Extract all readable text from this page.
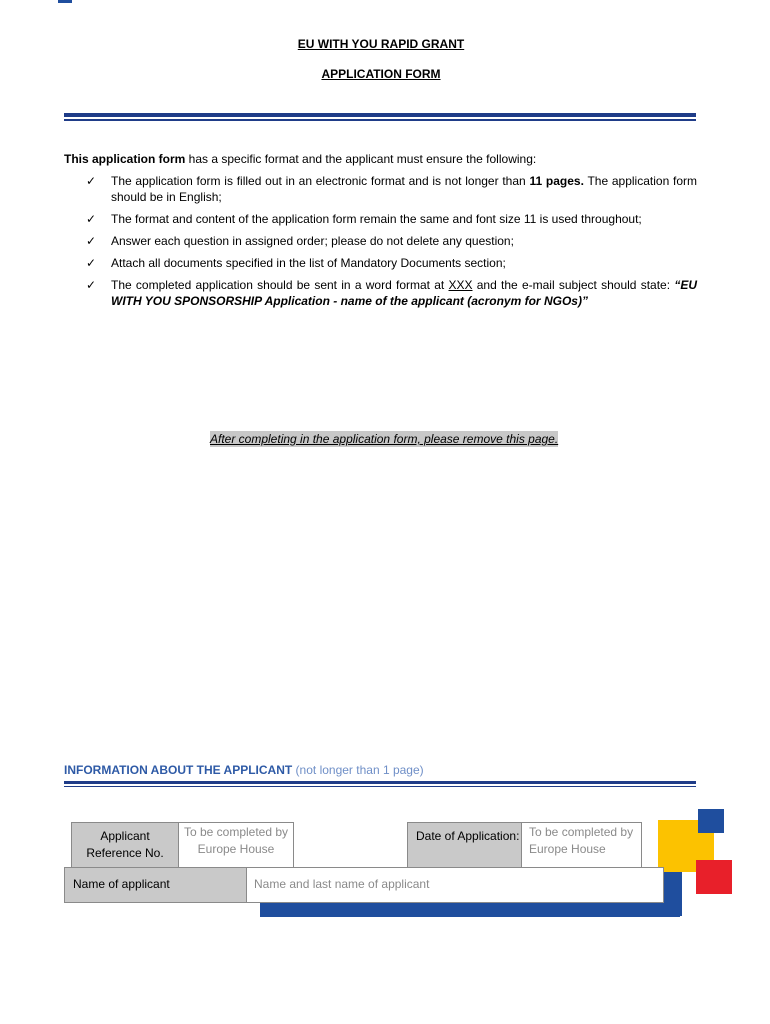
EU WITH YOU RAPID GRANT
APPLICATION FORM
This application form has a specific format and the applicant must ensure the following:
✓ The application form is filled out in an electronic format and is not longer than 11 pages. The application form should be in English;
✓ The format and content of the application form remain the same and font size 11 is used throughout;
✓ Answer each question in assigned order; please do not delete any question;
✓ Attach all documents specified in the list of Mandatory Documents section;
✓ The completed application should be sent in a word format at XXX and the e-mail subject should state: “EU WITH YOU SPONSORSHIP Application - name of the applicant (acronym for NGOs)”
After completing in the application form, please remove this page.
INFORMATION ABOUT THE APPLICANT (not longer than 1 page)
Applicant Reference No.
To be completed by Europe House
Date of Application: To be completed by Europe House
Name of applicant	Name and last name of applicant
